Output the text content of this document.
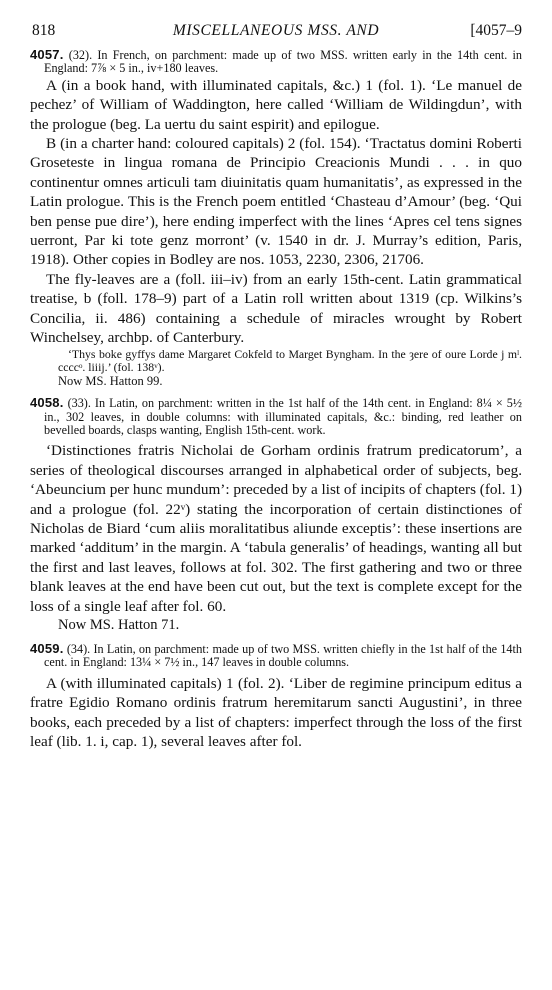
818	MISCELLANEOUS MSS. AND	[4057–9
4057. (32). In French, on parchment: made up of two MSS. written early in the 14th cent. in England: 7⅞ × 5 in., iv+180 leaves.

A (in a book hand, with illuminated capitals, &c.) 1 (fol. 1). ‘Le manuel de pechez’ of William of Waddington, here called ‘William de Wildingdun’, with the prologue (beg. La uertu du saint espirit) and epilogue.

B (in a charter hand: coloured capitals) 2 (fol. 154). ‘Tractatus domini Roberti Groseteste in lingua romana de Principio Creacionis Mundi . . . in quo continentur omnes articuli tam diuinitatis quam humanitatis’, as expressed in the Latin prologue. This is the French poem entitled ‘Chasteau d’Amour’ (beg. ‘Qui ben pense pue dire’), here ending imperfect with the lines ‘Apres cel tens signes uerront, Par ki tote genz morront’ (v. 1540 in dr. J. Murray’s edition, Paris, 1918). Other copies in Bodley are nos. 1053, 2230, 2306, 21706.

The fly-leaves are a (foll. iii–iv) from an early 15th-cent. Latin grammatical treatise, b (foll. 178–9) part of a Latin roll written about 1319 (cp. Wilkins’s Concilia, ii. 486) containing a schedule of miracles wrought by Robert Winchelsey, archbp. of Canterbury.

‘Thys boke gyffys dame Margaret Cokfeld to Marget Byngham. In the ȝere of oure Lorde j mˡ. ccccᵒ. liiij.’ (fol. 138ᵛ).

Now MS. Hatton 99.

4058. (33). In Latin, on parchment: written in the 1st half of the 14th cent. in England: 8¼ × 5½ in., 302 leaves, in double columns: with illuminated capitals, &c.: binding, red leather on bevelled boards, clasps wanting, English 15th-cent. work.

‘Distinctiones fratris Nicholai de Gorham ordinis fratrum predicatorum’, a series of theological discourses arranged in alphabetical order of subjects, beg. ‘Abeuncium per hunc mundum’: preceded by a list of incipits of chapters (fol. 1) and a prologue (fol. 22ᵛ) stating the incorporation of certain distinctiones of Nicholas de Biard ‘cum aliis moralitatibus aliunde exceptis’: these insertions are marked ‘additum’ in the margin. A ‘tabula generalis’ of headings, wanting all but the first and last leaves, follows at fol. 302. The first gathering and two or three blank leaves at the end have been cut out, but the text is complete except for the loss of a single leaf after fol. 60.

Now MS. Hatton 71.

4059. (34). In Latin, on parchment: made up of two MSS. written chiefly in the 1st half of the 14th cent. in England: 13¼ × 7½ in., 147 leaves in double columns.

A (with illuminated capitals) 1 (fol. 2). ‘Liber de regimine principum editus a fratre Egidio Romano ordinis fratrum heremitarum sancti Augustini’, in three books, each preceded by a list of chapters: imperfect through the loss of the first leaf (lib. 1. i, cap. 1), several leaves after fol.
